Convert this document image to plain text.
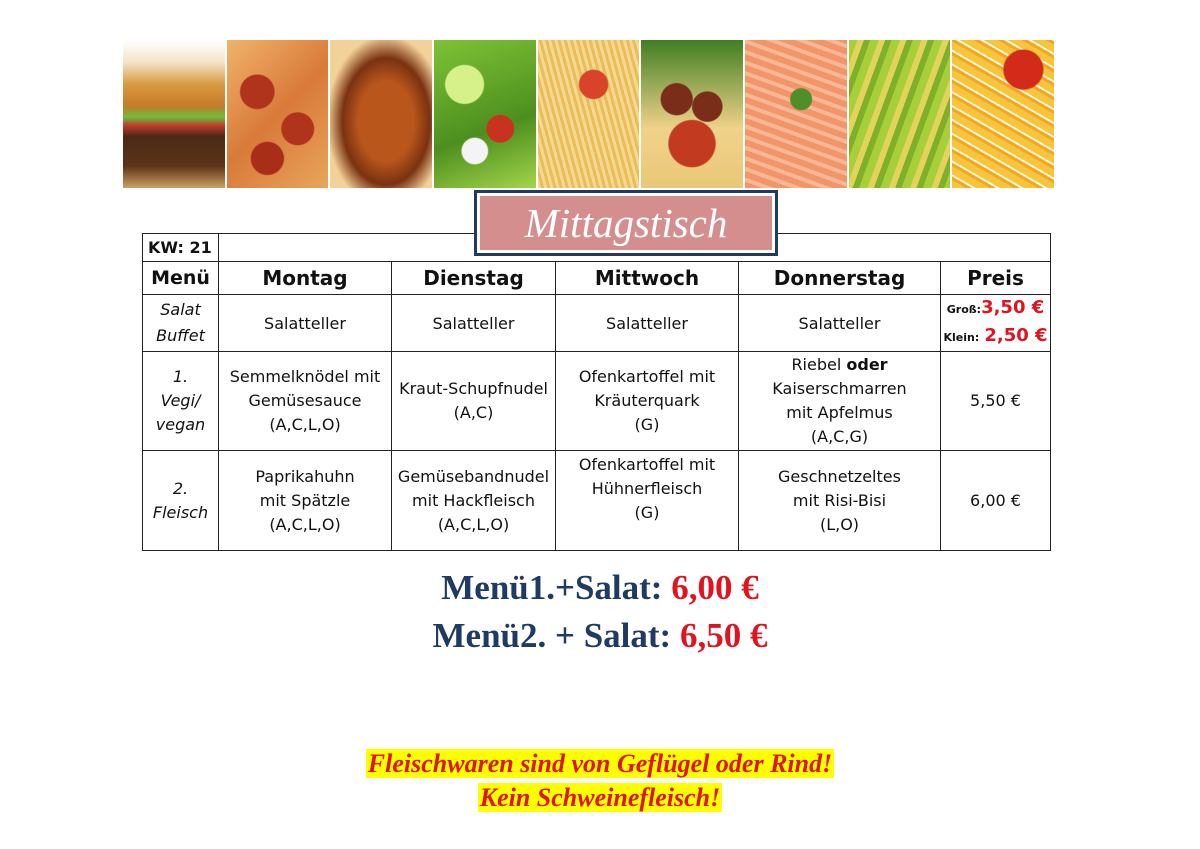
Mittagstisch
KW: 21					
Menü	Montag	Dienstag	Mittwoch	Donnerstag	Preis
Salat
Buffet	Salatteller	Salatteller	Salatteller	Salatteller	Groß:3,50 €
Klein: 2,50 €
1.
Vegi/
vegan	Semmelknödel mit
Gemüsesauce
(A,C,L,O)	Kraut-Schupfnudel
(A,C)	Ofenkartoffel mit
Kräuterquark
(G)	Riebel oder
Kaiserschmarren
mit Apfelmus
(A,C,G)	5,50 €
2.
Fleisch	Paprikahuhn
mit Spätzle
(A,C,L,O)	Gemüsebandnudel
mit Hackfleisch
(A,C,L,O)	Ofenkartoffel mit
Hühnerfleisch
(G)	Geschnetzeltes
mit Risi-Bisi
(L,O)	6,00 €
Menü1.+Salat: 6,00 €
Menü2. + Salat: 6,50 €
Fleischwaren sind von Geflügel oder Rind!
Kein Schweinefleisch!
